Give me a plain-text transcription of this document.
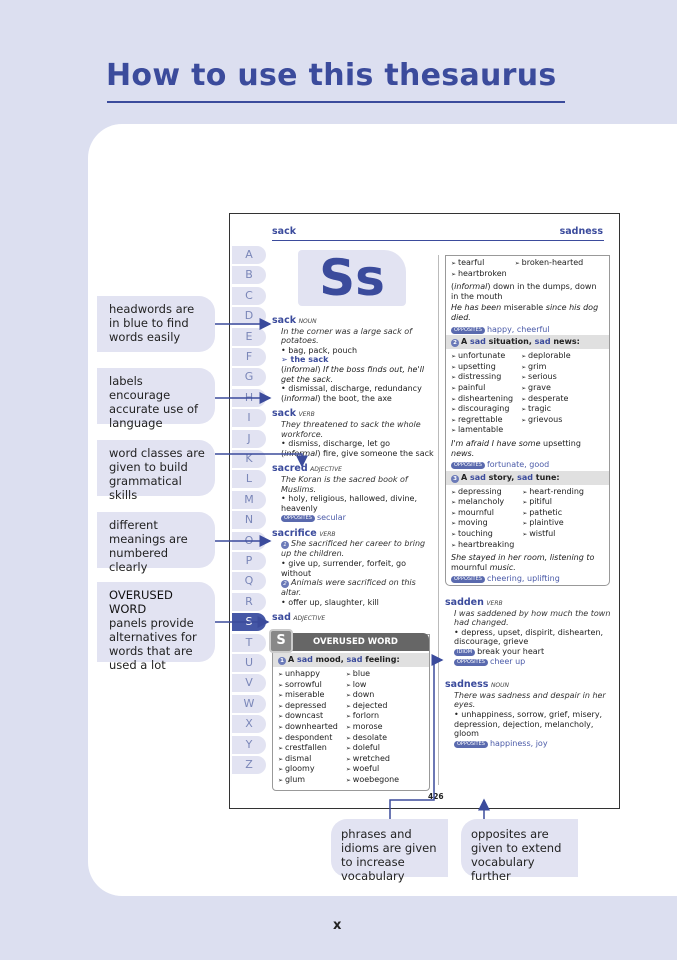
How to use this thesaurus
headwords are in blue to find words easily
labels encourage accurate use of language
word classes are given to build grammatical skills
different meanings are numbered clearly
OVERUSED WORD
panels provide alternatives for words that are used a lot
phrases and idioms are given to increase vocabulary
opposites are given to extend vocabulary further
sack	sadness
A
B
C
D
E
F
G
H
I
J
K
L
M
N
O
P
Q
R
S
T
U
V
W
X
Y
Z
Ss
sack NOUN
In the corner was a large sack of potatoes.
• bag, pack, pouch
➢ the sack
(informal) If the boss finds out, he'll get the sack.
• dismissal, discharge, redundancy
(informal) the boot, the axe
sack VERB
They threatened to sack the whole workforce.
• dismiss, discharge, let go
(informal) fire, give someone the sack
sacred ADJECTIVE
The Koran is the sacred book of Muslims.
• holy, religious, hallowed, divine, heavenly
OPPOSITES secular
sacrifice VERB
1 She sacrificed her career to bring up the children.
• give up, surrender, forfeit, go without
2 Animals were sacrificed on this altar.
• offer up, slaughter, kill
sad ADJECTIVE
OVERUSED WORD
S
1 A sad mood, sad feeling:
➢ unhappy	➢ blue
➢ sorrowful	➢ low
➢ miserable	➢ down
➢ depressed	➢ dejected
➢ downcast	➢ forlorn
➢ downhearted	➢ morose
➢ despondent	➢ desolate
➢ crestfallen	➢ doleful
➢ dismal	➢ wretched
➢ gloomy	➢ woeful
➢ glum	➢ woebegone
➢ tearful	➢ broken-hearted
➢ heartbroken

(informal) down in the dumps, down in the mouth

He has been miserable since his dog died.

OPPOSITES happy, cheerful

2 A sad situation, sad news:
➢ unfortunate	➢ deplorable
➢ upsetting	➢ grim
➢ distressing	➢ serious
➢ painful	➢ grave
➢ disheartening	➢ desperate
➢ discouraging	➢ tragic
➢ regrettable	➢ grievous
➢ lamentable

I'm afraid I have some upsetting news.

OPPOSITES fortunate, good

3 A sad story, sad tune:
➢ depressing	➢ heart-rending
➢ melancholy	➢ pitiful
➢ mournful	➢ pathetic
➢ moving	➢ plaintive
➢ touching	➢ wistful
➢ heartbreaking

She stayed in her room, listening to mournful music.

OPPOSITES cheering, uplifting

sadden VERB
I was saddened by how much the town had changed.
• depress, upset, dispirit, dishearten, discourage, grieve
IDIOM break your heart
OPPOSITES cheer up
sadness NOUN
There was sadness and despair in her eyes.
• unhappiness, sorrow, grief, misery, depression, dejection, melancholy, gloom
OPPOSITES happiness, joy
426
x
